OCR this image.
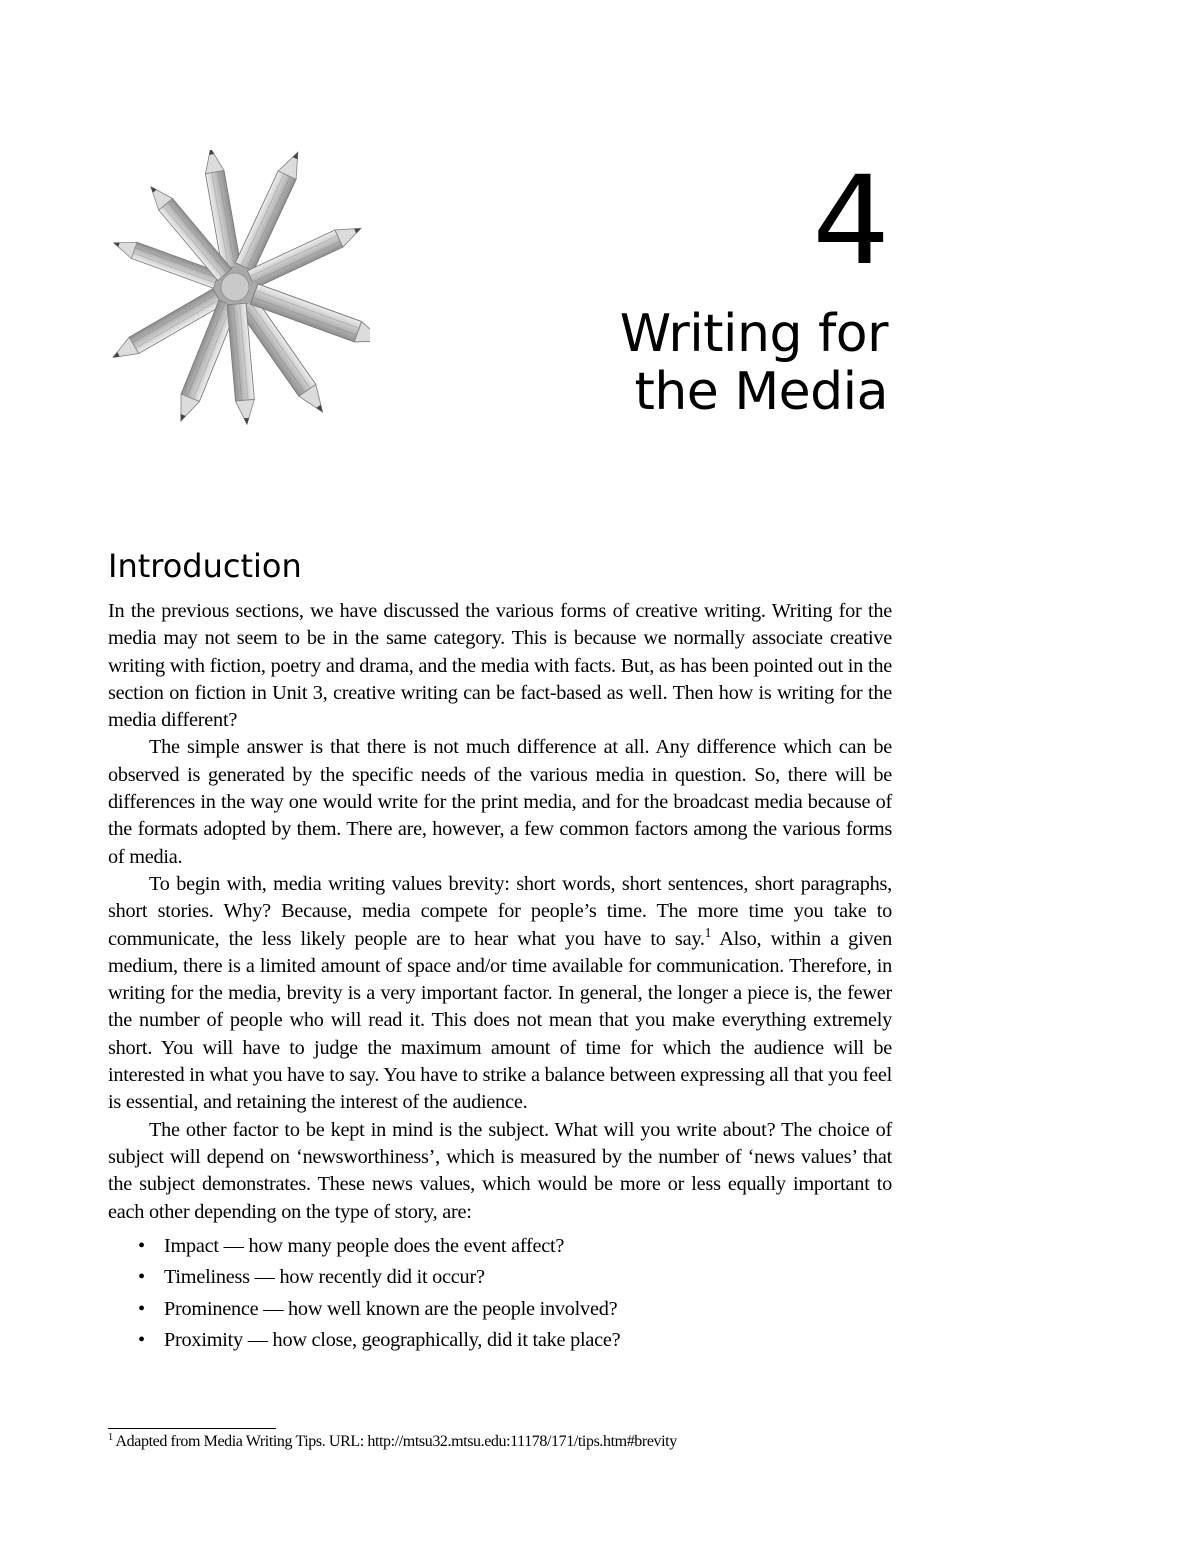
4
Writing for
the Media
Introduction

In the previous sections, we have discussed the various forms of creative writing. Writing for the media may not seem to be in the same category. This is because we normally associate creative writing with fiction, poetry and drama, and the media with facts. But, as has been pointed out in the section on fiction in Unit 3, creative writing can be fact-based as well. Then how is writing for the media different?

The simple answer is that there is not much difference at all. Any difference which can be observed is generated by the specific needs of the various media in question. So, there will be differences in the way one would write for the print media, and for the broadcast media because of the formats adopted by them. There are, however, a few common factors among the various forms of media.

To begin with, media writing values brevity: short words, short sentences, short paragraphs, short stories. Why? Because, media compete for people’s time. The more time you take to communicate, the less likely people are to hear what you have to say.$^1$ Also, within a given medium, there is a limited amount of space and/or time available for communication. Therefore, in writing for the media, brevity is a very important factor. In general, the longer a piece is, the fewer the number of people who will read it. This does not mean that you make everything extremely short. You will have to judge the maximum amount of time for which the audience will be interested in what you have to say. You have to strike a balance between expressing all that you feel is essential, and retaining the interest of the audience.

The other factor to be kept in mind is the subject. What will you write about? The choice of subject will depend on ‘newsworthiness’, which is measured by the number of ‘news values’ that the subject demonstrates. These news values, which would be more or less equally important to each other depending on the type of story, are:

• Impact — how many people does the event affect?
• Timeliness — how recently did it occur?
• Prominence — how well known are the people involved?
• Proximity — how close, geographically, did it take place?
$^1$ Adapted from Media Writing Tips. URL: http://mtsu32.mtsu.edu:11178/171/tips.htm#brevity
